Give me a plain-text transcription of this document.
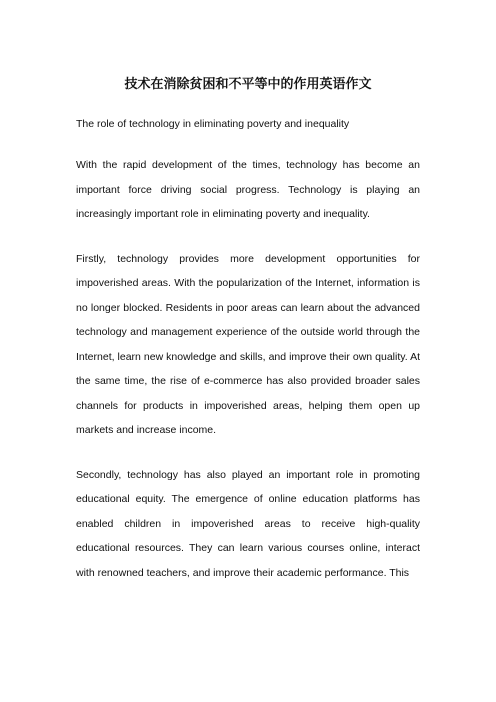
技术在消除贫困和不平等中的作用英语作文

The role of technology in eliminating poverty and inequality

With the rapid development of the times, technology has become an important force driving social progress. Technology is playing an increasingly important role in eliminating poverty and inequality.

Firstly, technology provides more development opportunities for impoverished areas. With the popularization of the Internet, information is no longer blocked. Residents in poor areas can learn about the advanced technology and management experience of the outside world through the Internet, learn new knowledge and skills, and improve their own quality. At the same time, the rise of e-commerce has also provided broader sales channels for products in impoverished areas, helping them open up markets and increase income.

Secondly, technology has also played an important role in promoting educational equity. The emergence of online education platforms has enabled children in impoverished areas to receive high-quality educational resources. They can learn various courses online, interact with renowned teachers, and improve their academic performance. This
